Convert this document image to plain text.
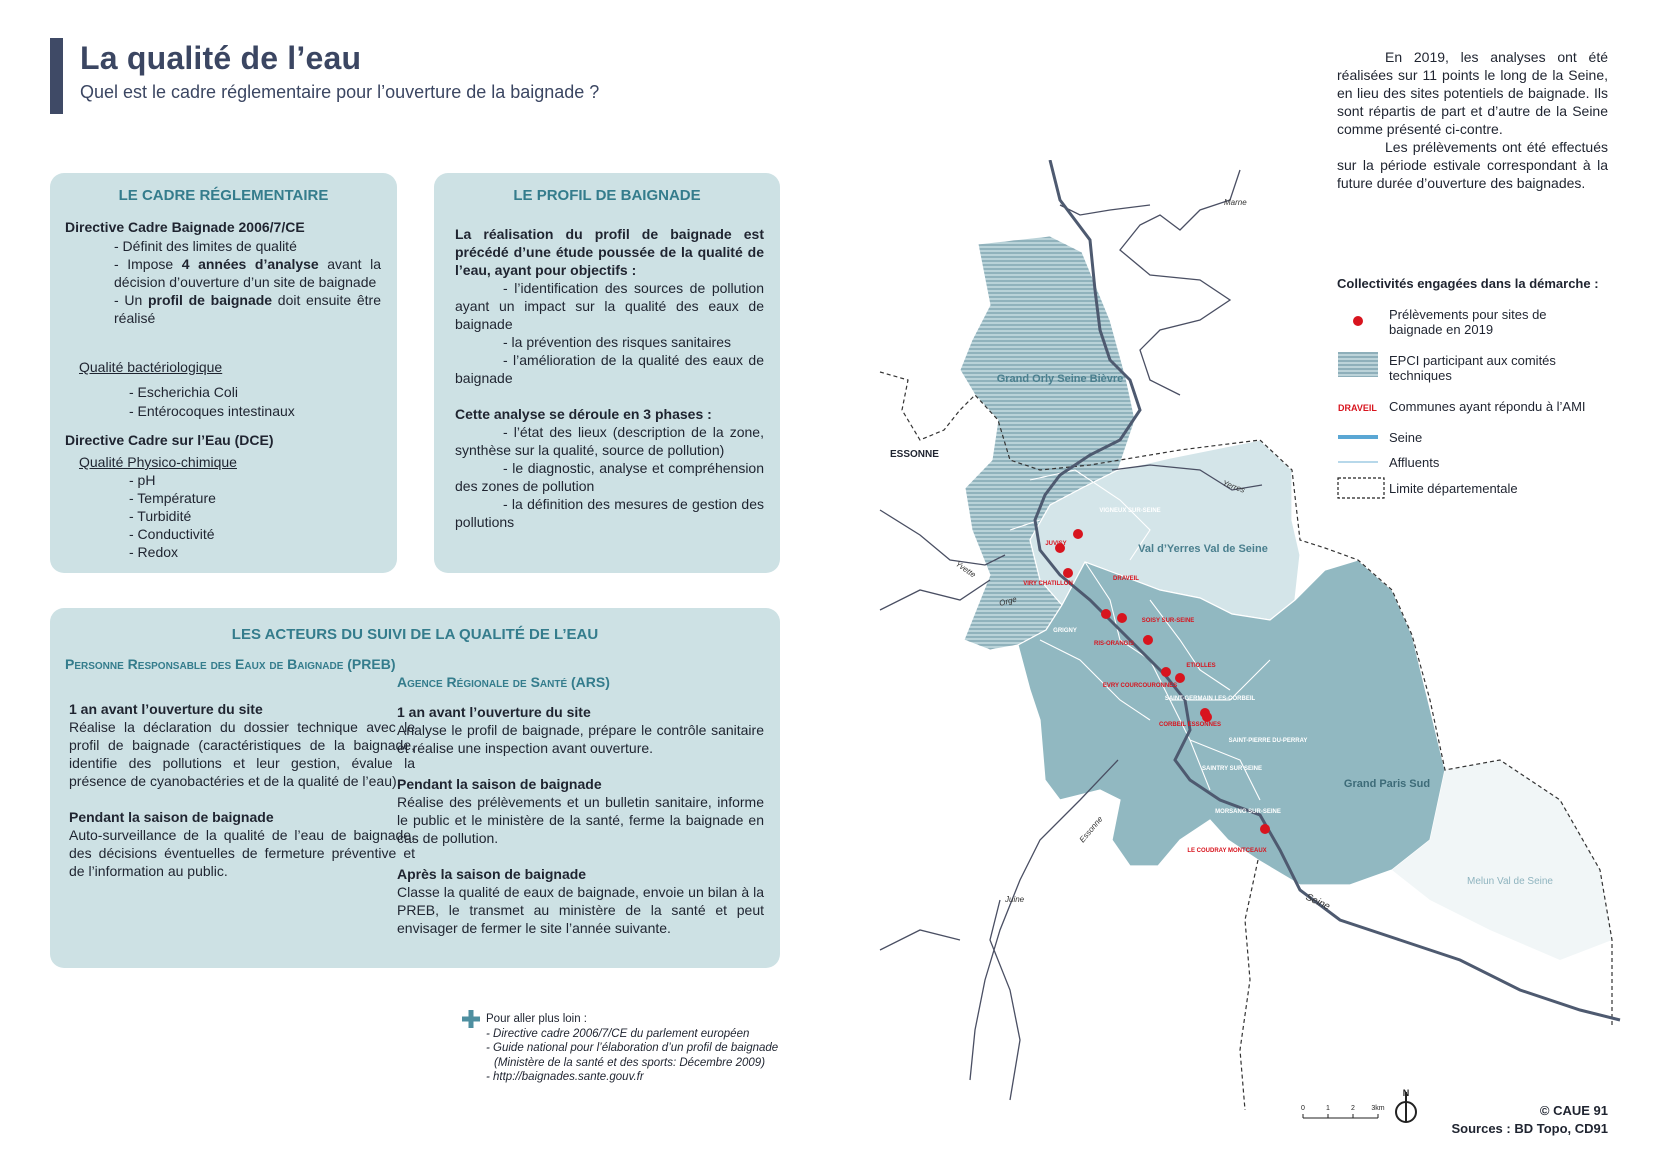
La qualité de l’eau
Quel est le cadre réglementaire pour l’ouverture de la baignade ?
LE CADRE RÉGLEMENTAIRE
Directive Cadre Baignade 2006/7/CE
- Définit des limites de qualité
- Impose 4 années d’analyse avant la décision d’ouverture d’un site de baignade
- Un profil de baignade doit ensuite être réalisé
Qualité bactériologique
- Escherichia Coli
- Entérocoques intestinaux
Directive Cadre sur l’Eau (DCE)
Qualité Physico-chimique
- pH
- Température
- Turbidité
- Conductivité
- Redox
LE PROFIL DE BAIGNADE
La réalisation du profil de baignade est précédé d’une étude poussée de la qualité de l’eau, ayant pour objectifs :
- l’identification des sources de pollution ayant un impact sur la qualité des eaux de baignade
- la prévention des risques sanitaires
- l’amélioration de la qualité des eaux de baignade
Cette analyse se déroule en 3 phases :
- l’état des lieux (description de la zone, synthèse sur la qualité, source de pollution)
- le diagnostic, analyse et compréhension des zones de pollution
- la définition des mesures de gestion des pollutions
LES ACTEURS DU SUIVI DE LA QUALITÉ DE L’EAU
Personne Responsable des Eaux de Baignade (PREB)
1 an avant l’ouverture du site
Réalise la déclaration du dossier technique avec le profil de baignade (caractéristiques de la baignade, identifie des pollutions et leur gestion, évalue la présence de cyanobactéries et de la qualité de l’eau).
Pendant la saison de baignade
Auto-surveillance de la qualité de l’eau de baignade, des décisions éventuelles de fermeture préventive et de l’information au public.
Agence Régionale de Santé (ARS)
1 an avant l’ouverture du site
Analyse le profil de baignade, prépare le contrôle sanitaire et réalise une inspection avant ouverture.
Pendant la saison de baignade
Réalise des prélèvements et un bulletin sanitaire, informe le public et le ministère de la santé, ferme la baignade en cas de pollution.
Après la saison de baignade
Classe la qualité de eaux de baignade, envoie un bilan à la PREB, le transmet au ministère de la santé et peut envisager de fermer le site l’année suivante.
Pour aller plus loin :
- Directive cadre 2006/7/CE du parlement européen
- Guide national pour l’élaboration d’un profil de baignade
(Ministère de la santé et des sports: Décembre 2009)
- http://baignades.sante.gouv.fr

En 2019, les analyses ont été réalisées sur 11 points le long de la Seine, en lieu des sites potentiels de baignade. Ils sont répartis de part et d’autre de la Seine comme présenté ci-contre.

Les prélèvements ont été effectués sur la période estivale correspondant à la future durée d’ouverture des baignades.

Collectivités engagées dans la démarche :
Prélèvements pour sites de baignade en 2019
EPCI participant aux comités techniques
DRAVEIL Communes ayant répondu à l’AMI
Seine
Affluents
Limite départementale
Grand Orly Seine Bièvre
Val d’Yerres Val de Seine
Grand Paris Sud
Melun Val de Seine
Marne
Yerres
Yvette
Orge
Essonne
Juine	Seine
ESSONNE
VIGNEUX SUR-SEINE
GRIGNY
SAINT-GERMAIN LES-CORBEIL
SAINT-PIERRE DU-PERRAY
SAINTRY SUR SEINE
MORSANG SUR-SEINE
JUVISY
VIRY CHATILLON
DRAVEIL
SOISY SUR-SEINE
RIS-ORANGIS
ETIOLLES
EVRY COURCOURONNES
CORBEIL ESSONNES
LE COUDRAY MONTCEAUX
0	1	2 3km
N
© CAUE 91
Sources : BD Topo, CD91
